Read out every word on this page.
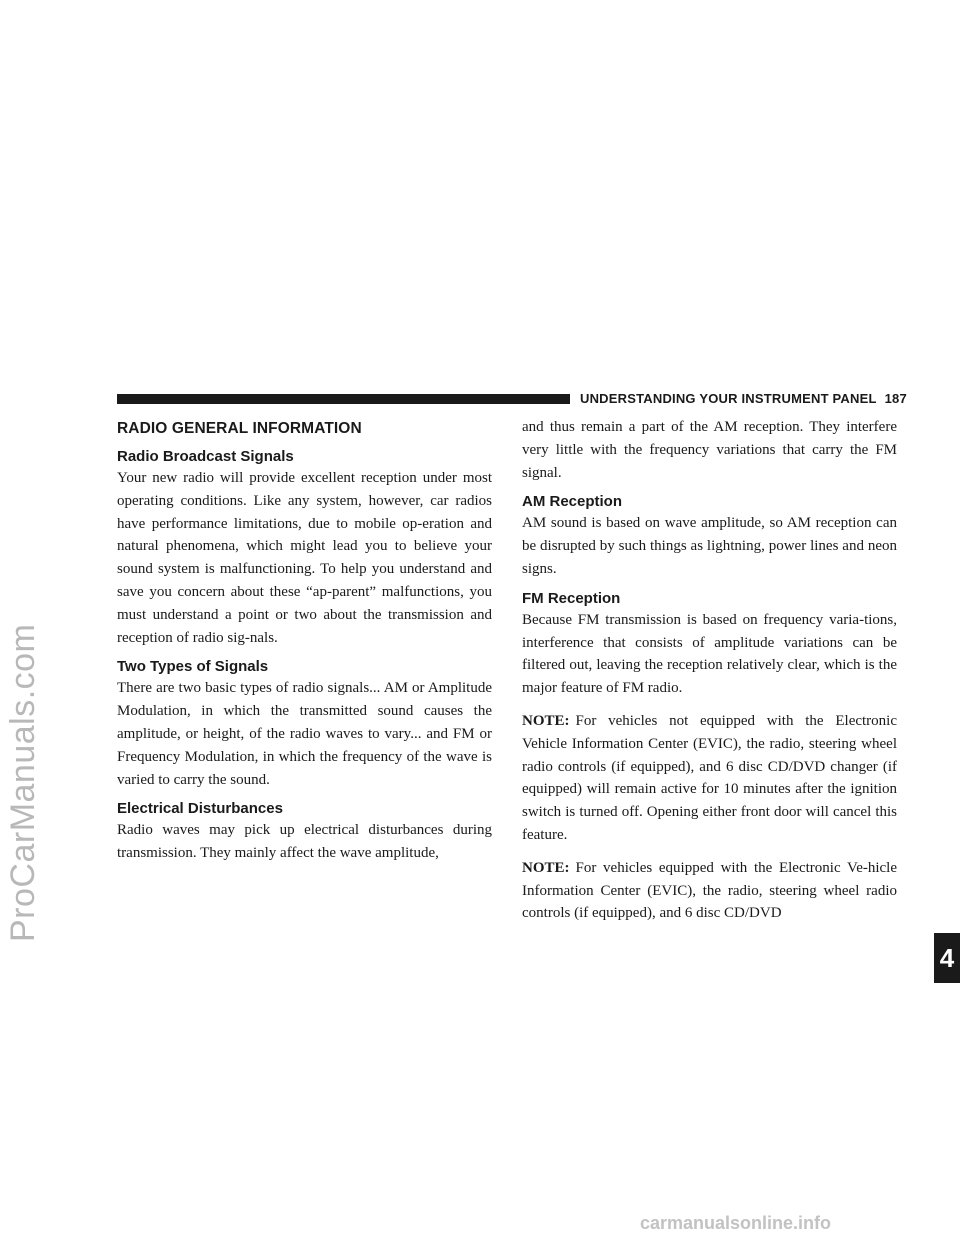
UNDERSTANDING YOUR INSTRUMENT PANEL 187
4
RADIO GENERAL INFORMATION
Radio Broadcast Signals

Your new radio will provide excellent reception under most operating conditions. Like any system, however, car radios have performance limitations, due to mobile op-eration and natural phenomena, which might lead you to believe your sound system is malfunctioning. To help you understand and save you concern about these “ap-parent” malfunctions, you must understand a point or two about the transmission and reception of radio sig-nals.

Two Types of Signals

There are two basic types of radio signals... AM or Amplitude Modulation, in which the transmitted sound causes the amplitude, or height, of the radio waves to vary... and FM or Frequency Modulation, in which the frequency of the wave is varied to carry the sound.

Electrical Disturbances

Radio waves may pick up electrical disturbances during transmission. They mainly affect the wave amplitude,

and thus remain a part of the AM reception. They interfere very little with the frequency variations that carry the FM signal.

AM Reception

AM sound is based on wave amplitude, so AM reception can be disrupted by such things as lightning, power lines and neon signs.

FM Reception

Because FM transmission is based on frequency varia-tions, interference that consists of amplitude variations can be filtered out, leaving the reception relatively clear, which is the major feature of FM radio.

NOTE: For vehicles not equipped with the Electronic Vehicle Information Center (EVIC), the radio, steering wheel radio controls (if equipped), and 6 disc CD/DVD changer (if equipped) will remain active for 10 minutes after the ignition switch is turned off. Opening either front door will cancel this feature.

NOTE: For vehicles equipped with the Electronic Ve-hicle Information Center (EVIC), the radio, steering wheel radio controls (if equipped), and 6 disc CD/DVD

ProCarManuals.com
carmanualsonline.info
